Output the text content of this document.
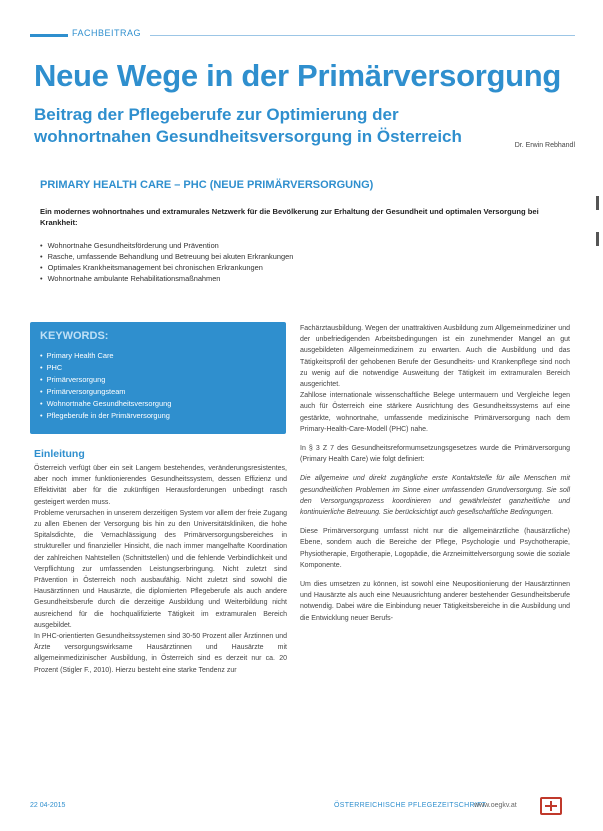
FACHBEITRAG
Neue Wege in der Primärversorgung
Beitrag der Pflegeberufe zur Optimierung der wohnortnahen Gesundheitsversorgung in Österreich	Dr. Erwin Rebhandl
PRIMARY HEALTH CARE – PHC (NEUE PRIMÄRVERSORGUNG)

Ein modernes wohnortnahes und extramurales Netzwerk für die Bevölkerung zur Erhaltung der Gesundheit und optimalen Versorgung bei Krankheit:

• Wohnortnahe Gesundheitsförderung und Prävention
• Rasche, umfassende Behandlung und Betreuung bei akuten Erkrankungen
• Optimales Krankheitsmanagement bei chronischen Erkrankungen
• Wohnortnahe ambulante Rehabilitationsmaßnahmen
KEYWORDS:
• Primary Health Care
• PHC
• Primärversorgung
• Primärversorgungsteam
• Wohnortnahe Gesundheitsversorgung
• Pflegeberufe in der Primärversorgung
Einleitung

Österreich verfügt über ein seit Langem bestehendes, veränderungsresistentes, aber noch immer funktionierendes Gesundheitssystem, dessen Effizienz und Effektivität aber für die zukünftigen Herausforderungen unbedingt rasch gesteigert werden muss.

Probleme verursachen in unserem derzeitigen System vor allem der freie Zugang zu allen Ebenen der Versorgung bis hin zu den Universitätskliniken, die hohe Spitalsdichte, die Vernachlässigung des Primärversorgungsbereiches in struktureller und finanzieller Hinsicht, die nach immer mangelhafte Koordination der zahlreichen Nahtstellen (Schnittstellen) und die fehlende Verbindlichkeit und Verpflichtung zur umfassenden Leistungserbringung. Nicht zuletzt sind Prävention in Österreich noch ausbaufähig. Nicht zuletzt sind sowohl die Hausärztinnen und Hausärzte, die diplomierten Pflegeberufe als auch andere Gesundheitsberufe durch die derzeitige Ausbildung und Weiterbildung nicht ausreichend für die hochqualifizierte Tätigkeit im extramuralen Bereich ausgebildet.

In PHC-orientierten Gesundheitssystemen sind 30-50 Prozent aller Ärztinnen und Ärzte versorgungswirksame Hausärztinnen und Hausärzte mit allgemeinmedizinischer Ausbildung, in Österreich sind es derzeit nur ca. 20 Prozent (Stigler F., 2010). Hierzu besteht eine starke Tendenz zur

Fachärztausbildung. Wegen der unattraktiven Ausbildung zum Allgemeinmediziner und der unbefriedigenden Arbeitsbedingungen ist ein zunehmender Mangel an gut ausgebildeten Allgemeinmedizinern zu erwarten. Auch die Ausbildung und das Tätigkeitsprofil der gehobenen Berufe der Gesundheits- und Krankenpflege sind noch zu wenig auf die notwendige Ausweitung der Tätigkeit im extramuralen Bereich ausgerichtet.

Zahllose internationale wissenschaftliche Belege untermauern und Vergleiche legen auch für Österreich eine stärkere Ausrichtung des Gesundheitssystems auf eine gestärkte, wohnortnahe, umfassende medizinische Primärversorgung nach dem Primary-Health-Care-Modell (PHC) nahe.

In § 3 Z 7 des Gesundheitsreformumsetzungsgesetzes wurde die Primärversorgung (Primary Health Care) wie folgt definiert:

Die allgemeine und direkt zugängliche erste Kontaktstelle für alle Menschen mit gesundheitlichen Problemen im Sinne einer umfassenden Grundversorgung. Sie soll den Versorgungsprozess koordinieren und gewährleistet ganzheitliche und kontinuierliche Betreuung. Sie berücksichtigt auch gesellschaftliche Bedingungen.

Diese Primärversorgung umfasst nicht nur die allgemeinärztliche (hausärztliche) Ebene, sondern auch die Bereiche der Pflege, Psychologie und Psychotherapie, Physiotherapie, Ergotherapie, Logopädie, die Arzneimittelversorgung sowie die soziale Komponente.

Um dies umsetzen zu können, ist sowohl eine Neupositionierung der Hausärztinnen und Hausärzte als auch eine Neuausrichtung anderer bestehender Gesundheitsberufe notwendig. Dabei wäre die Einbindung neuer Tätigkeitsbereiche in die Ausbildung und die Entwicklung neuer Berufs-

22 04-2015	ÖSTERREICHISCHE PFLEGEZEITSCHRIFT
www.oegkv.at
